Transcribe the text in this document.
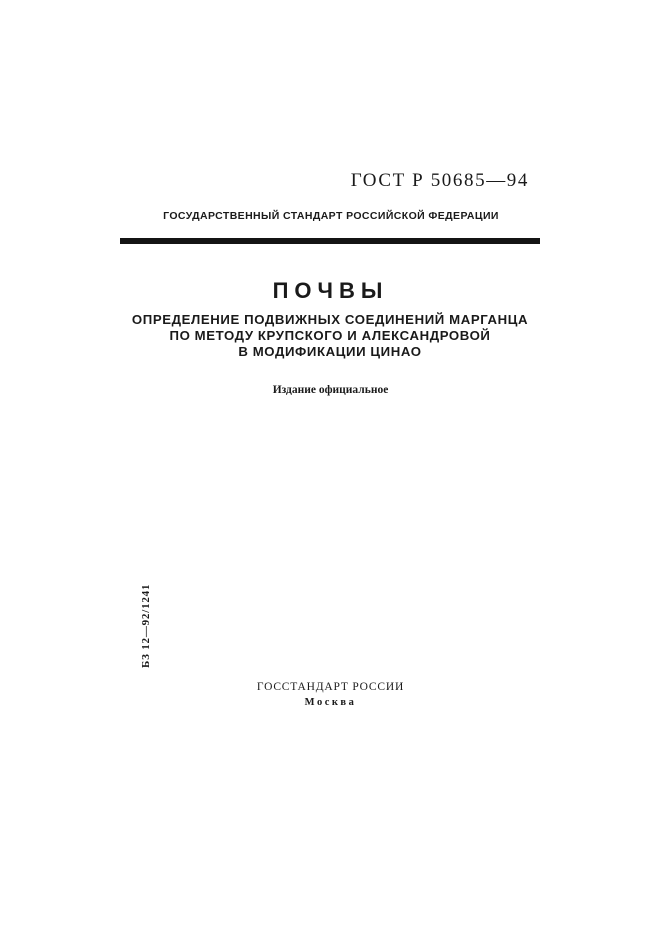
ГОСТ Р 50685—94
ГОСУДАРСТВЕННЫЙ СТАНДАРТ РОССИЙСКОЙ ФЕДЕРАЦИИ
ПОЧВЫ
ОПРЕДЕЛЕНИЕ ПОДВИЖНЫХ СОЕДИНЕНИЙ МАРГАНЦА
ПО МЕТОДУ КРУПСКОГО И АЛЕКСАНДРОВОЙ
В МОДИФИКАЦИИ ЦИНАО
Издание официальное
БЗ 12—92/1241
ГОССТАНДАРТ РОССИИ
Москва
